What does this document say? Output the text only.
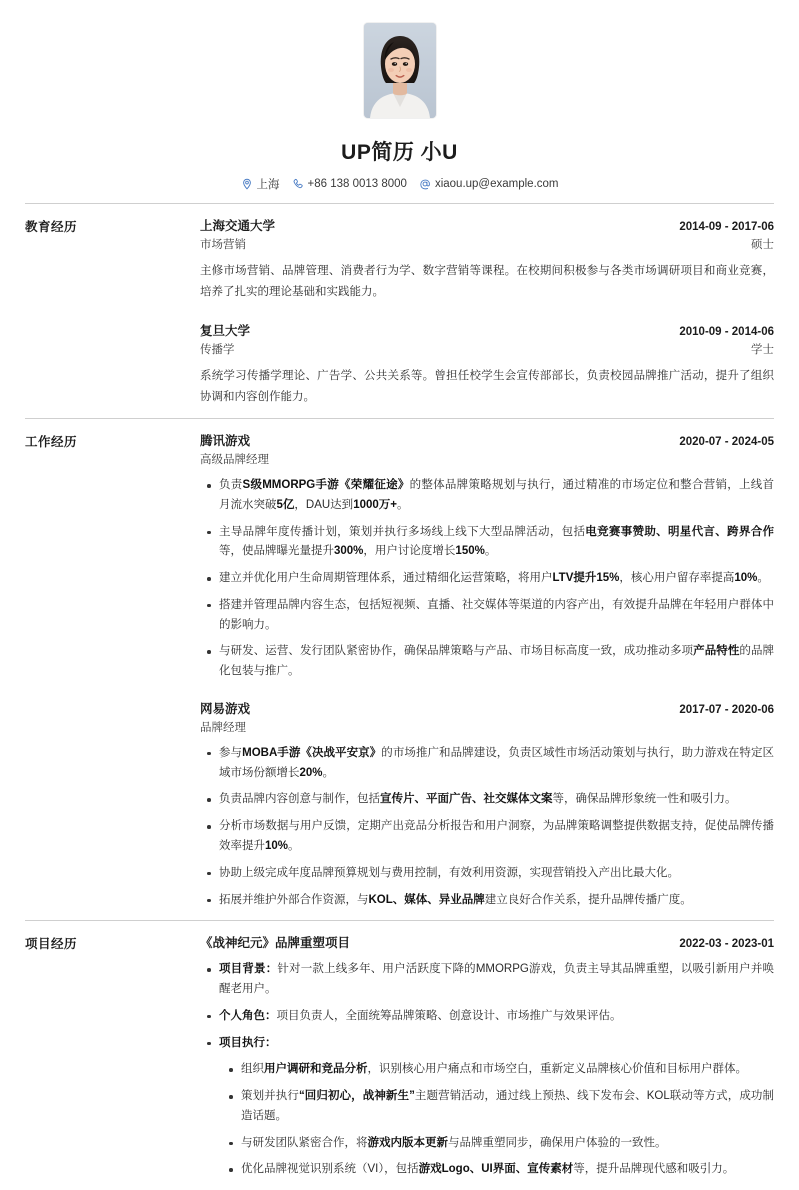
UP简历 小U
上海 +86 138 0013 8000 xiaou.up@example.com
教育经历	上海交通大学	2014-09 - 2017-06
市场营销	硕士
主修市场营销、品牌管理、消费者行为学、数字营销等课程。在校期间积极参与各类市场调研项目和商业竞赛，培养了扎实的理论基础和实践能力。
复旦大学	2010-09 - 2014-06
传播学	学士
系统学习传播学理论、广告学、公共关系等。曾担任校学生会宣传部部长，负责校园品牌推广活动，提升了组织协调和内容创作能力。
工作经历	腾讯游戏	2020-07 - 2024-05
高级品牌经理
负责S级MMORPG手游《荣耀征途》的整体品牌策略规划与执行，通过精准的市场定位和整合营销，上线首月流水突破5亿，DAU达到1000万+。
主导品牌年度传播计划，策划并执行多场线上线下大型品牌活动，包括电竞赛事赞助、明星代言、跨界合作等，使品牌曝光量提升300%，用户讨论度增长150%。
建立并优化用户生命周期管理体系，通过精细化运营策略，将用户LTV提升15%，核心用户留存率提高10%。
搭建并管理品牌内容生态，包括短视频、直播、社交媒体等渠道的内容产出，有效提升品牌在年轻用户群体中的影响力。
与研发、运营、发行团队紧密协作，确保品牌策略与产品、市场目标高度一致，成功推动多项产品特性的品牌化包装与推广。
网易游戏	2017-07 - 2020-06
品牌经理
参与MOBA手游《决战平安京》的市场推广和品牌建设，负责区域性市场活动策划与执行，助力游戏在特定区域市场份额增长20%。
负责品牌内容创意与制作，包括宣传片、平面广告、社交媒体文案等，确保品牌形象统一性和吸引力。
分析市场数据与用户反馈，定期产出竞品分析报告和用户洞察，为品牌策略调整提供数据支持，促使品牌传播效率提升10%。
协助上级完成年度品牌预算规划与费用控制，有效利用资源，实现营销投入产出比最大化。
拓展并维护外部合作资源，与KOL、媒体、异业品牌建立良好合作关系，提升品牌传播广度。
项目经历	《战神纪元》品牌重塑项目	2022-03 - 2023-01
项目背景：针对一款上线多年、用户活跃度下降的MMORPG游戏，负责主导其品牌重塑，以吸引新用户并唤醒老用户。
个人角色：项目负责人，全面统筹品牌策略、创意设计、市场推广与效果评估。
项目执行：
组织用户调研和竞品分析，识别核心用户痛点和市场空白，重新定义品牌核心价值和目标用户群体。
策划并执行“回归初心，战神新生”主题营销活动，通过线上预热、线下发布会、KOL联动等方式，成功制造话题。
与研发团队紧密合作，将游戏内版本更新与品牌重塑同步，确保用户体验的一致性。
优化品牌视觉识别系统（VI），包括游戏Logo、UI界面、宣传素材等，提升品牌现代感和吸引力。
